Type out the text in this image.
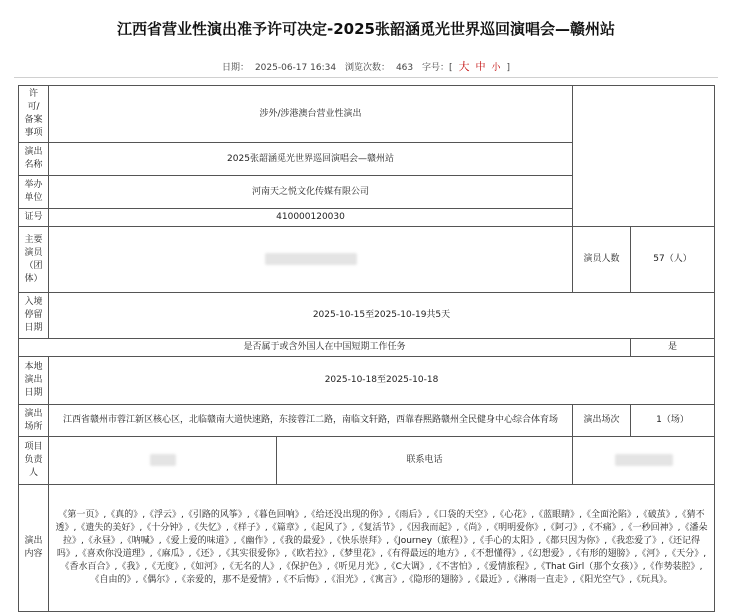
江西省营业性演出准予许可决定-2025张韶涵觅光世界巡回演唱会—赣州站
日期： 2025-06-17 16:34 浏览次数： 463 字号：[ 大 中 小 ]
许可/备案事项	涉外/涉港澳台营业性演出			
演出名称	2025张韶涵觅光世界巡回演唱会—赣州站			
举办单位	河南天之悦文化传媒有限公司			
证号	410000120030			
主要演员（团体）			演员人数	57（人）
入境停留日期	2025-10-15至2025-10-19共5天			
是否属于或含外国人在中国短期工作任务				是
本地演出日期	2025-10-18至2025-10-18			
演出场所	江西省赣州市蓉江新区核心区，北临赣南大道快速路，东接蓉江二路，南临文轩路，西靠春熙路赣州全民健身中心综合体育场		演出场次	1（场）
项目负责人		联系电话		
演出内容	《第一页》,《真的》,《浮云》,《引路的风筝》,《暮色回响》,《给还没出现的你》,《雨后》,《口袋的天空》,《心花》,《蓝眼睛》,《全面沦陷》,《破茧》,《猜不透》,《遗失的美好》,《十分钟》,《失忆》,《样子》,《篇章》,《起风了》,《复活节》,《因我而起》,《尚》,《明明爱你》,《阿刁》,《不痛》,《一秒回神》,《潘朵拉》,《永昼》,《呐喊》,《爱上爱的味道》,《幽作》,《我的最爱》,《快乐崇拜》,《Journey（旅程）》,《手心的太阳》,《都只因为你》,《我恋爱了》,《还记得吗》,《喜欢你没道理》,《麻瓜》,《还》,《其实很爱你》,《欧若拉》,《梦里花》,《有得最远的地方》,《不想懂得》,《幻想爱》,《有形的翅膀》,《河》,《天分》,《香水百合》,《我》,《无度》,《如河》,《无名的人》,《保护色》,《听见月光》,《C大调》,《不害怕》,《爱情旅程》,《That Girl（那个女孩）》,《作势装腔》,《自由的》,《偶尔》,《亲爱的，那不是爱情》,《不后悔》,《泪光》,《寓言》,《隐形的翅膀》,《最近》,《淋雨一直走》,《阳光空气》,《玩具》。			
